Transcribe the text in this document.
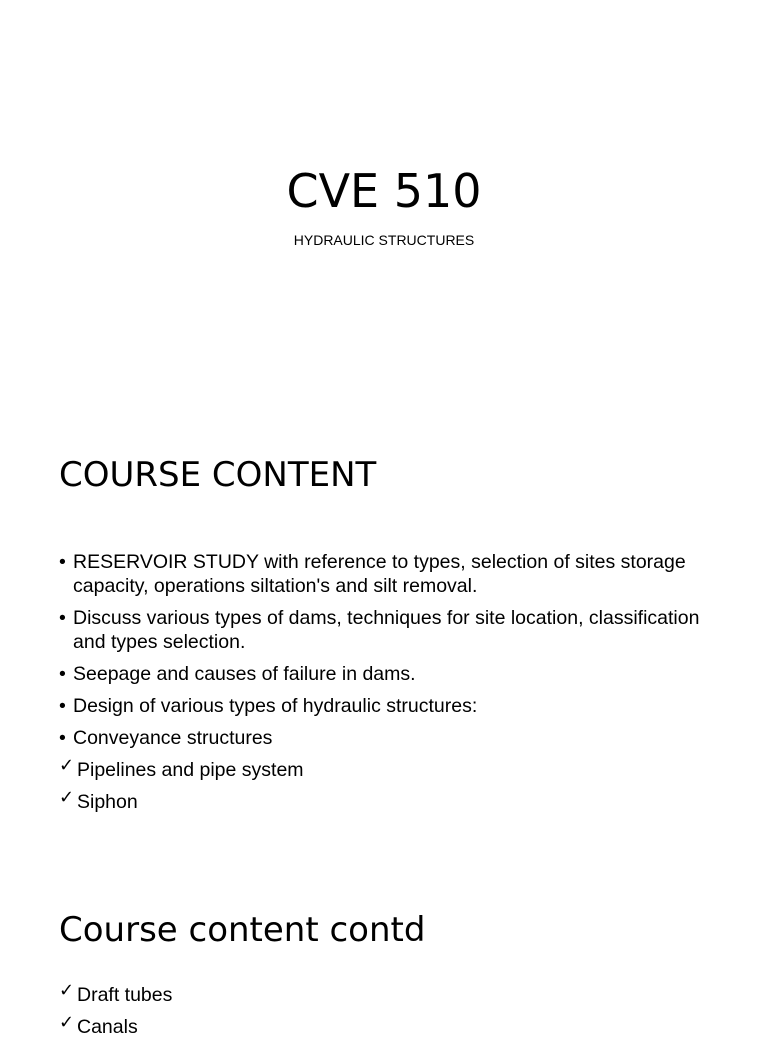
CVE 510
HYDRAULIC STRUCTURES
COURSE CONTENT
• RESERVOIR STUDY with reference to types, selection of sites storage capacity, operations siltation's and silt removal.
• Discuss various types of dams, techniques for site location, classification and types selection.
• Seepage and causes of failure in dams.
• Design of various types of hydraulic structures:
• Conveyance structures
✓ Pipelines and pipe system
✓ Siphon
Course content contd
✓ Draft tubes
✓ Canals
